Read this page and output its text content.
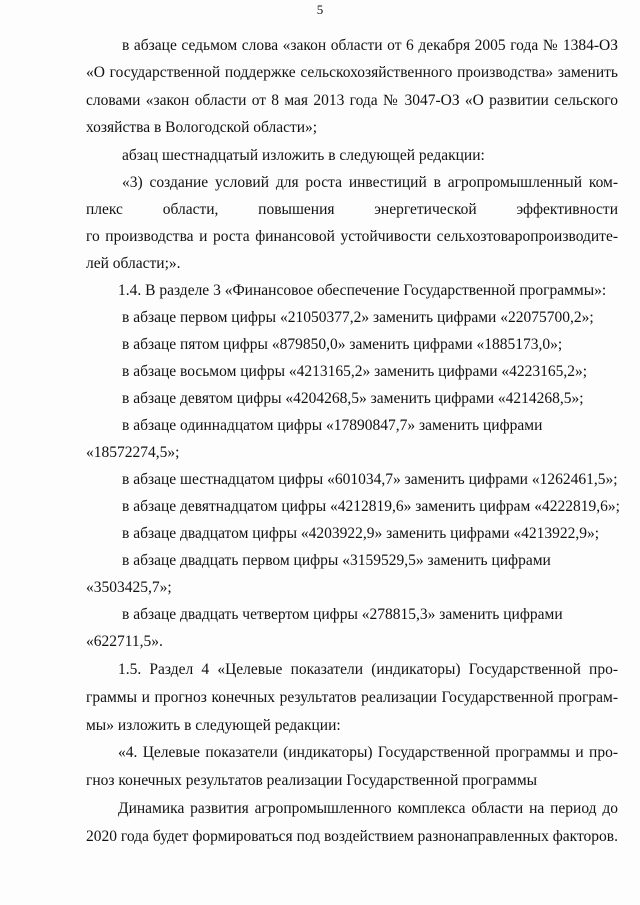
5
в абзаце седьмом слова «закон области от 6 декабря 2005 года № 1384-ОЗ
«О государственной поддержке сельскохозяйственного производства» заменить
словами «закон области от 8 мая 2013 года № 3047-ОЗ «О развитии сельского
хозяйства в Вологодской области»;
абзац шестнадцатый изложить в следующей редакции:
«3) создание условий для роста инвестиций в агропромышленный ком-
плекс области, повышения энергетической эффективности
го производства и роста финансовой устойчивости сельхозтоваропроизводите-
лей области;».
1.4. В разделе 3 «Финансовое обеспечение Государственной программы»:
в абзаце первом цифры «21050377,2» заменить цифрами «22075700,2»;
в абзаце пятом цифры «879850,0» заменить цифрами «1885173,0»;
в абзаце восьмом цифры «4213165,2» заменить цифрами «4223165,2»;
в абзаце девятом цифры «4204268,5» заменить цифрами «4214268,5»;
в абзаце одиннадцатом цифры «17890847,7» заменить цифрами
«18572274,5»;
в абзаце шестнадцатом цифры «601034,7» заменить цифрами «1262461,5»;
в абзаце девятнадцатом цифры «4212819,6» заменить цифрам «4222819,6»;
в абзаце двадцатом цифры «4203922,9» заменить цифрами «4213922,9»;
в абзаце двадцать первом цифры «3159529,5» заменить цифрами
«3503425,7»;
в абзаце двадцать четвертом цифры «278815,3» заменить цифрами
«622711,5».
1.5. Раздел 4 «Целевые показатели (индикаторы) Государственной про-
граммы и прогноз конечных результатов реализации Государственной програм-
мы» изложить в следующей редакции:
«4. Целевые показатели (индикаторы) Государственной программы и про-
гноз конечных результатов реализации Государственной программы
Динамика развития агропромышленного комплекса области на период до
2020 года будет формироваться под воздействием разнонаправленных факторов.
